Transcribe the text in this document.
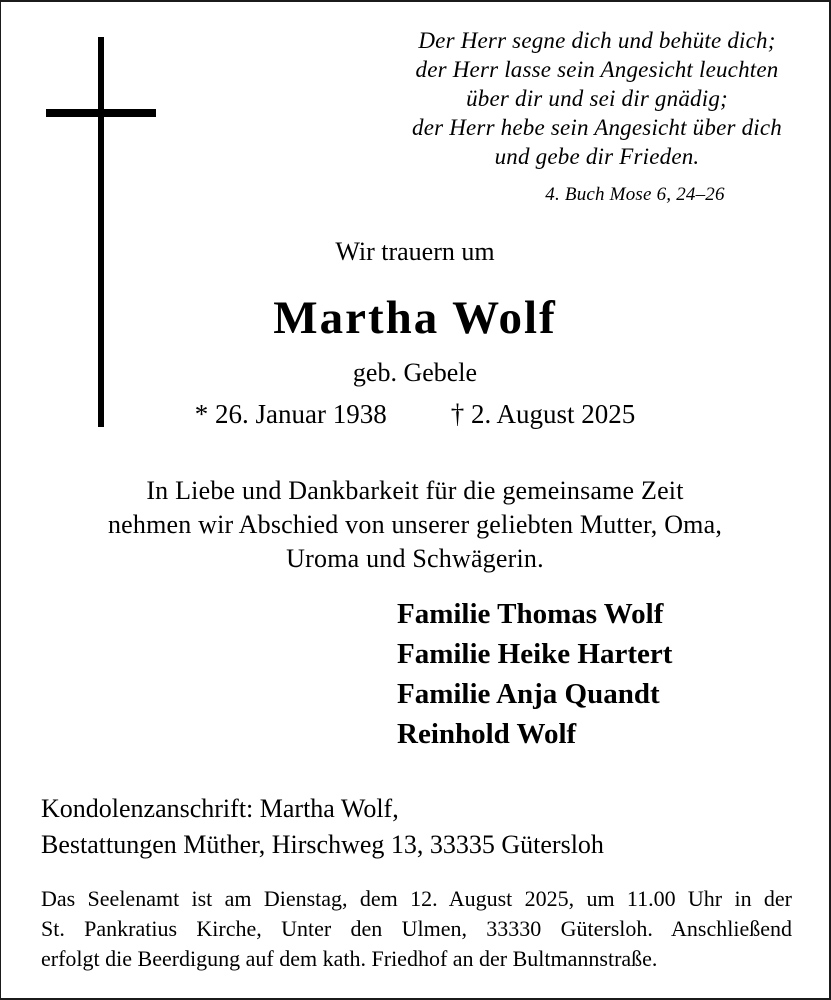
Der Herr segne dich und behüte dich;
der Herr lasse sein Angesicht leuchten
über dir und sei dir gnädig;
der Herr hebe sein Angesicht über dich
und gebe dir Frieden.
4. Buch Mose 6, 24–26
Wir trauern um
Martha Wolf
geb. Gebele
* 26. Januar 1938 † 2. August 2025
In Liebe und Dankbarkeit für die gemeinsame Zeit
nehmen wir Abschied von unserer geliebten Mutter, Oma,
Uroma und Schwägerin.
Familie Thomas Wolf
Familie Heike Hartert
Familie Anja Quandt
Reinhold Wolf
Kondolenzanschrift: Martha Wolf,
Bestattungen Müther, Hirschweg 13, 33335 Gütersloh
Das Seelenamt ist am Dienstag, dem 12. August 2025, um 11.00 Uhr in der
St. Pankratius Kirche, Unter den Ulmen, 33330 Gütersloh. Anschließend
erfolgt die Beerdigung auf dem kath. Friedhof an der Bultmannstraße.
